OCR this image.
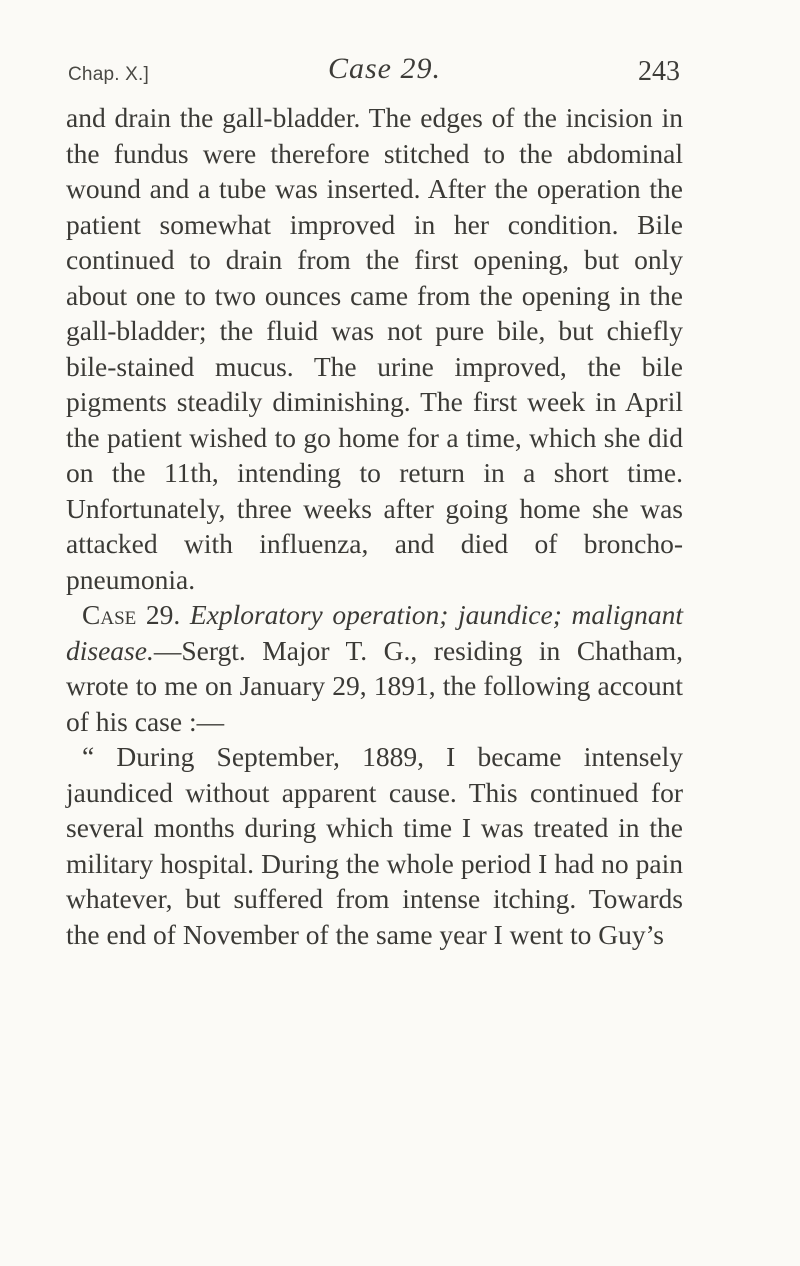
Chap. X.]	Case 29.	243

and drain the gall-bladder. The edges of the incision in the fundus were therefore stitched to the abdominal wound and a tube was inserted. After the operation the patient somewhat improved in her condition. Bile continued to drain from the first opening, but only about one to two ounces came from the opening in the gall-bladder; the fluid was not pure bile, but chiefly bile-stained mucus. The urine improved, the bile pigments steadily diminishing. The first week in April the patient wished to go home for a time, which she did on the 11th, intending to return in a short time. Unfortunately, three weeks after going home she was attacked with influenza, and died of broncho-pneumonia.

Case 29. Exploratory operation; jaundice; malignant disease.—Sergt. Major T. G., residing in Chatham, wrote to me on January 29, 1891, the following account of his case :—

“ During September, 1889, I became intensely jaundiced without apparent cause. This continued for several months during which time I was treated in the military hospital. During the whole period I had no pain whatever, but suffered from intense itching. Towards the end of November of the same year I went to Guy’s
